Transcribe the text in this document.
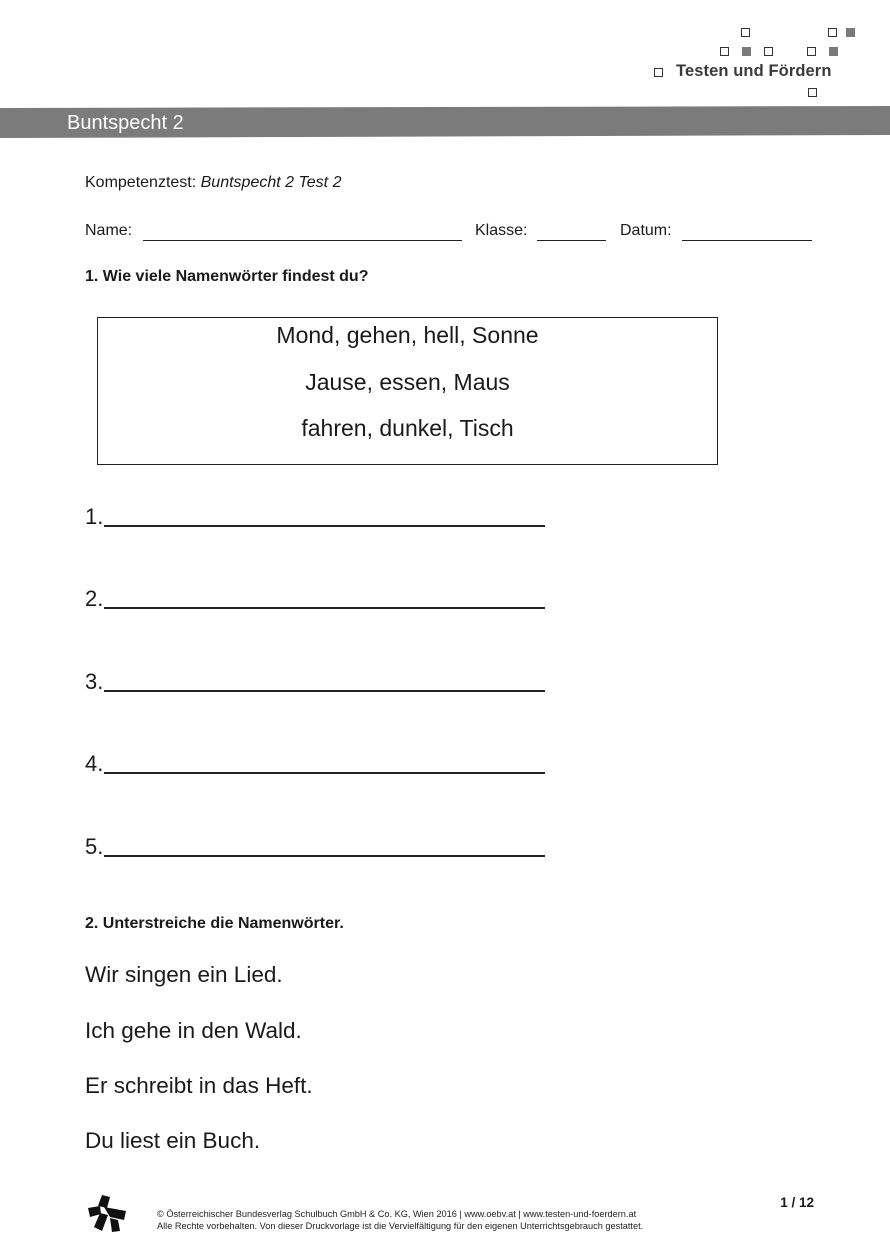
Testen und Fördern
Buntspecht 2
Kompetenztest: Buntspecht 2 Test 2
Name:	Klasse:	Datum:
1. Wie viele Namenwörter findest du?
Mond, gehen, hell, Sonne
Jause, essen, Maus
fahren, dunkel, Tisch
1.
2.
3.
4.
5.
2. Unterstreiche die Namenwörter.
Wir singen ein Lied.
Ich gehe in den Wald.
Er schreibt in das Heft.
Du liest ein Buch.
1 / 12
© Österreichischer Bundesverlag Schulbuch GmbH & Co. KG, Wien 2016 | www.oebv.at | www.testen-und-foerdern.at
Alle Rechte vorbehalten. Von dieser Druckvorlage ist die Vervielfältigung für den eigenen Unterrichtsgebrauch gestattet.
